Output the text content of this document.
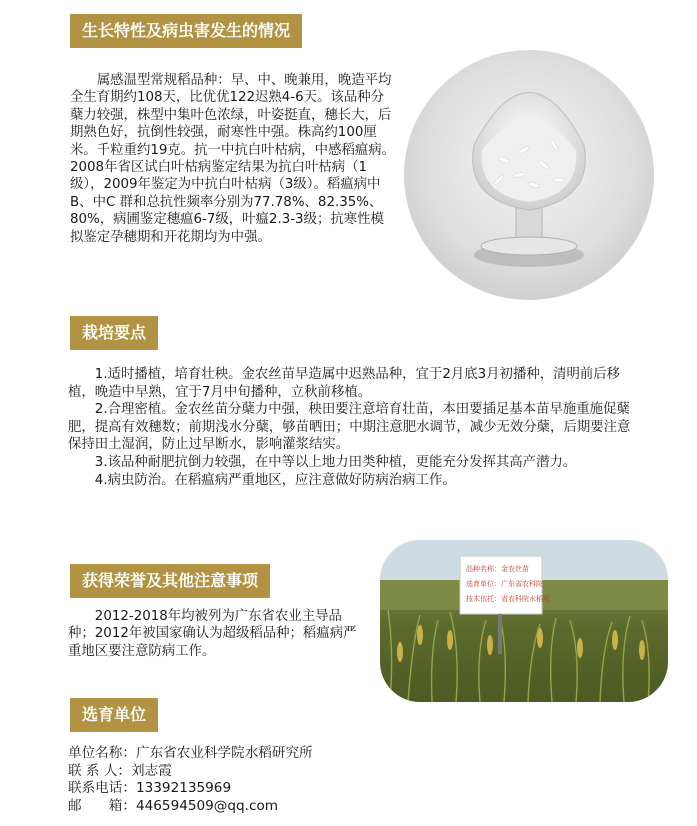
生长特性及病虫害发生的情况

属感温型常规稻品种：早、中、晚兼用，晚造平均全生育期约108天，比优优122迟熟4-6天。该品种分蘖力较强，株型中集叶色浓绿，叶姿挺直，穗长大，后期熟色好，抗倒性较强，耐寒性中强。株高约100厘米。千粒重约19克。抗一中抗白叶枯病，中感稻瘟病。2008年省区试白叶枯病鉴定结果为抗白叶枯病（1级），2009年鉴定为中抗白叶枯病（3级）。稻瘟病中B、中C 群和总抗性频率分别为77.78%、82.35%、80%，病圃鉴定穗瘟6-7级，叶瘟2.3-3级；抗寒性模拟鉴定孕穗期和开花期均为中强。

栽培要点

1.适时播植，培育壮秧。金农丝苗早造属中迟熟品种，宜于2月底3月初播种，清明前后移植，晚造中早熟，宜于7月中旬播种，立秋前移植。

2.合理密植。金农丝苗分蘖力中强，秧田要注意培育壮苗，本田要插足基本苗早施重施促蘖肥，提高有效穗数；前期浅水分蘖，够苗晒田；中期注意肥水调节，减少无效分蘖，后期要注意保持田土湿润，防止过早断水，影响灌浆结实。

3.该品种耐肥抗倒力较强，在中等以上地力田类种植，更能充分发挥其高产潜力。

4.病虫防治。在稻瘟病严重地区，应注意做好防病治病工作。

获得荣誉及其他注意事项

2012-2018年均被列为广东省农业主导品种；2012年被国家确认为超级稻品种；稻瘟病严重地区要注意防病工作。

品种名称：金农丝苗
选育单位：广东省农科院
技术依托：省农科院水稻所
选育单位
单位名称：广东省农业科学院水稻研究所
联 系 人：刘志霞
联系电话：13392135969
邮　　箱：446594509@qq.com
